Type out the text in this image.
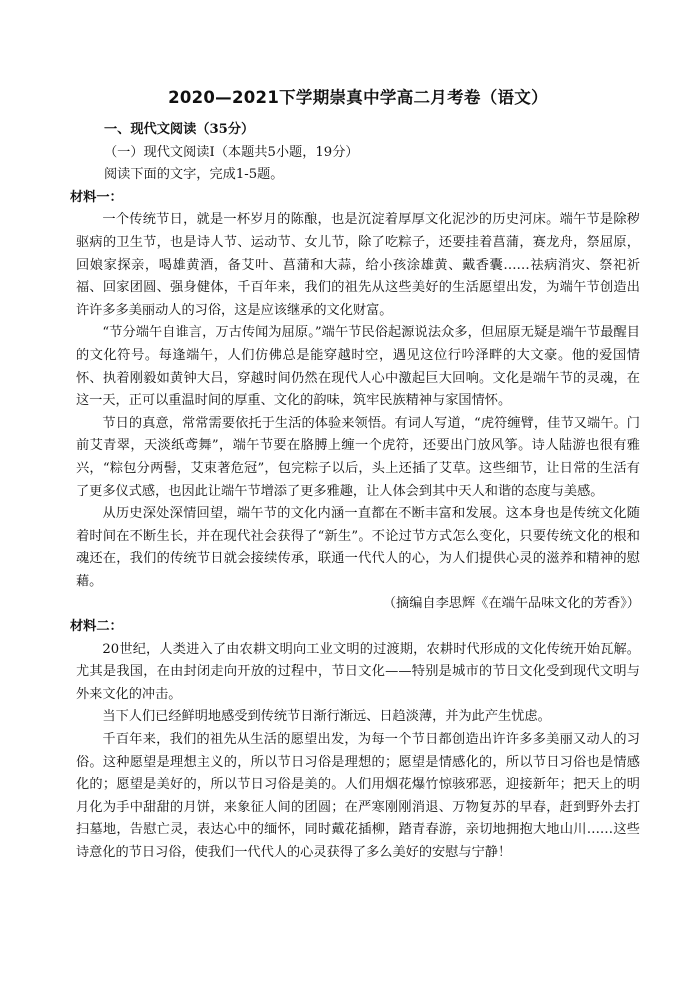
2020—2021下学期崇真中学高二月考卷（语文）

一、现代文阅读（35分）

（一）现代文阅读Ⅰ（本题共5小题，19分）

阅读下面的文字，完成1-5题。

材料一：

一个传统节日，就是一杯岁月的陈酿，也是沉淀着厚厚文化泥沙的历史河床。端午节是除秽驱病的卫生节，也是诗人节、运动节、女儿节，除了吃粽子，还要挂着菖蒲，赛龙舟，祭屈原，回娘家探亲，喝雄黄酒，备艾叶、菖蒲和大蒜，给小孩涂雄黄、戴香囊……祛病消灾、祭祀祈福、回家团圆、强身健体，千百年来，我们的祖先从这些美好的生活愿望出发，为端午节创造出许许多多美丽动人的习俗，这是应该继承的文化财富。

“节分端午自谁言，万古传闻为屈原。”端午节民俗起源说法众多，但屈原无疑是端午节最醒目的文化符号。每逢端午，人们仿佛总是能穿越时空，遇见这位行吟泽畔的大文豪。他的爱国情怀、执着刚毅如黄钟大吕，穿越时间仍然在现代人心中激起巨大回响。文化是端午节的灵魂，在这一天，正可以重温时间的厚重、文化的韵味，筑牢民族精神与家国情怀。

节日的真意，常常需要依托于生活的体验来领悟。有词人写道，“虎符缠臂，佳节又端午。门前艾青翠，天淡纸鸢舞”，端午节要在胳膊上缠一个虎符，还要出门放风筝。诗人陆游也很有雅兴，“粽包分两髻，艾束著危冠”，包完粽子以后，头上还插了艾草。这些细节，让日常的生活有了更多仪式感，也因此让端午节增添了更多雅趣，让人体会到其中天人和谐的态度与美感。

从历史深处深情回望，端午节的文化内涵一直都在不断丰富和发展。这本身也是传统文化随着时间在不断生长，并在现代社会获得了“新生”。不论过节方式怎么变化，只要传统文化的根和魂还在，我们的传统节日就会接续传承，联通一代代人的心，为人们提供心灵的滋养和精神的慰藉。

（摘编自李思辉《在端午品味文化的芳香》）

材料二：

20世纪，人类进入了由农耕文明向工业文明的过渡期，农耕时代形成的文化传统开始瓦解。尤其是我国，在由封闭走向开放的过程中，节日文化——特别是城市的节日文化受到现代文明与外来文化的冲击。

当下人们已经鲜明地感受到传统节日渐行渐远、日趋淡薄，并为此产生忧虑。

千百年来，我们的祖先从生活的愿望出发，为每一个节日都创造出许许多多美丽又动人的习俗。这种愿望是理想主义的，所以节日习俗是理想的；愿望是情感化的，所以节日习俗也是情感化的；愿望是美好的，所以节日习俗是美的。人们用烟花爆竹惊骇邪恶，迎接新年；把天上的明月化为手中甜甜的月饼，来象征人间的团圆；在严寒刚刚消退、万物复苏的早春，赶到野外去打扫墓地，告慰亡灵，表达心中的缅怀，同时戴花插柳，踏青春游，亲切地拥抱大地山川……这些诗意化的节日习俗，使我们一代代人的心灵获得了多么美好的安慰与宁静！
